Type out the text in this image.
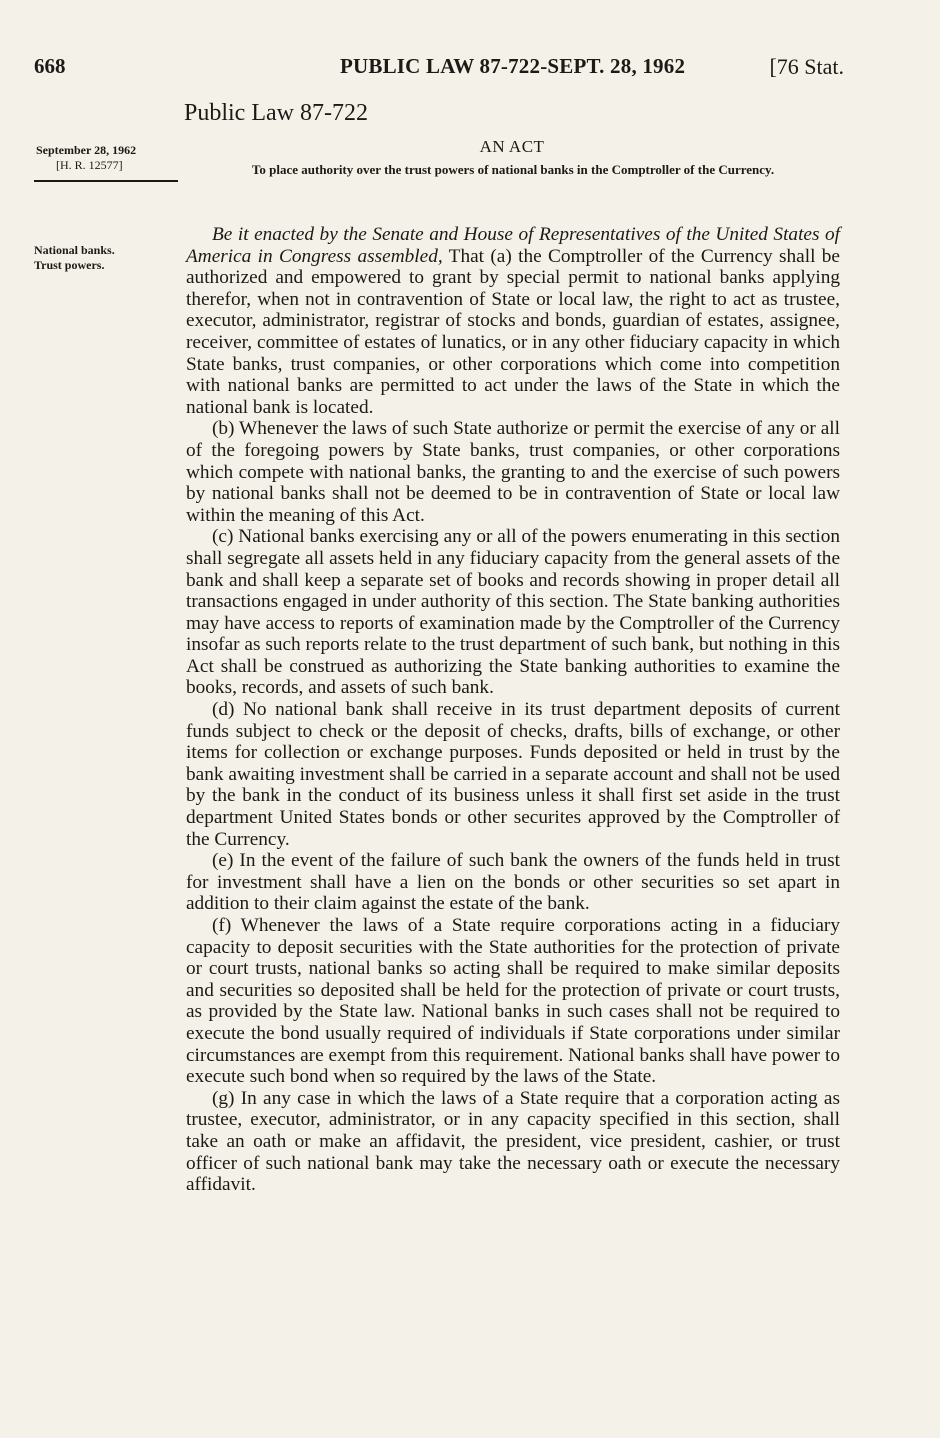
668	PUBLIC LAW 87-722-SEPT. 28, 1962	[76 Stat.
Public Law 87-722
September 28, 1962
[H. R. 12577]
AN ACT
To place authority over the trust powers of national banks in the Comptroller of the Currency.
National banks.
Trust powers.

Be it enacted by the Senate and House of Representatives of the United States of America in Congress assembled, That (a) the Comptroller of the Currency shall be authorized and empowered to grant by special permit to national banks applying therefor, when not in contravention of State or local law, the right to act as trustee, executor, administrator, registrar of stocks and bonds, guardian of estates, assignee, receiver, committee of estates of lunatics, or in any other fiduciary capacity in which State banks, trust companies, or other corporations which come into competition with national banks are permitted to act under the laws of the State in which the national bank is located.

(b) Whenever the laws of such State authorize or permit the exercise of any or all of the foregoing powers by State banks, trust companies, or other corporations which compete with national banks, the granting to and the exercise of such powers by national banks shall not be deemed to be in contravention of State or local law within the meaning of this Act.

(c) National banks exercising any or all of the powers enumerating in this section shall segregate all assets held in any fiduciary capacity from the general assets of the bank and shall keep a separate set of books and records showing in proper detail all transactions engaged in under authority of this section. The State banking authorities may have access to reports of examination made by the Comptroller of the Currency insofar as such reports relate to the trust department of such bank, but nothing in this Act shall be construed as authorizing the State banking authorities to examine the books, records, and assets of such bank.

(d) No national bank shall receive in its trust department deposits of current funds subject to check or the deposit of checks, drafts, bills of exchange, or other items for collection or exchange purposes. Funds deposited or held in trust by the bank awaiting investment shall be carried in a separate account and shall not be used by the bank in the conduct of its business unless it shall first set aside in the trust department United States bonds or other securites approved by the Comptroller of the Currency.

(e) In the event of the failure of such bank the owners of the funds held in trust for investment shall have a lien on the bonds or other securities so set apart in addition to their claim against the estate of the bank.

(f) Whenever the laws of a State require corporations acting in a fiduciary capacity to deposit securities with the State authorities for the protection of private or court trusts, national banks so acting shall be required to make similar deposits and securities so deposited shall be held for the protection of private or court trusts, as provided by the State law. National banks in such cases shall not be required to execute the bond usually required of individuals if State corporations under similar circumstances are exempt from this requirement. National banks shall have power to execute such bond when so required by the laws of the State.

(g) In any case in which the laws of a State require that a corporation acting as trustee, executor, administrator, or in any capacity specified in this section, shall take an oath or make an affidavit, the president, vice president, cashier, or trust officer of such national bank may take the necessary oath or execute the necessary affidavit.
